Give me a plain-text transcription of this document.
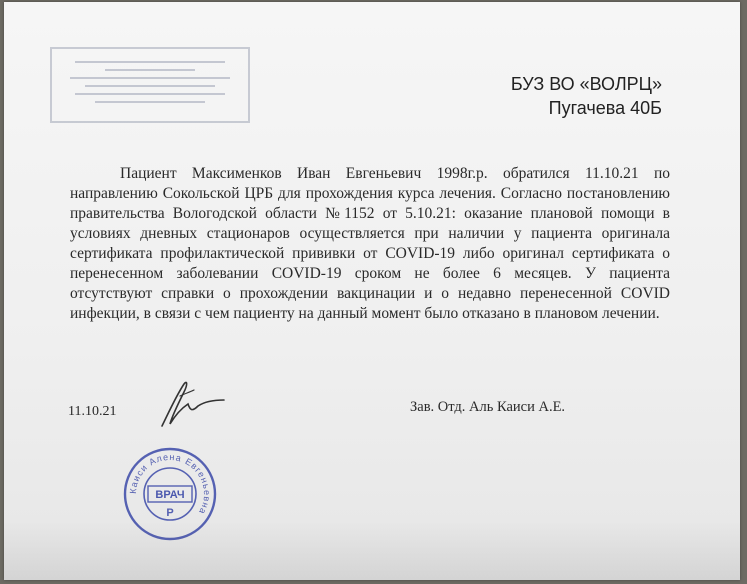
БУЗ ВО «ВОЛРЦ»
Пугачева 40Б

Пациент Максименков Иван Евгеньевич 1998г.р. обратился 11.10.21 по направлению Сокольской ЦРБ для прохождения курса лечения. Согласно постановлению правительства Вологодской области №1152 от 5.10.21: оказание плановой помощи в условиях дневных стационаров осуществляется при наличии у пациента оригинала сертификата профилактической прививки от COVID-19 либо оригинал сертификата о перенесенном заболевании COVID-19 сроком не более 6 месяцев. У пациента отсутствуют справки о прохождении вакцинации и о недавно перенесенной COVID инфекции, в связи с чем пациенту на данный момент было отказано в плановом лечении.

11.10.21	Зав. Отд. Аль Каиси А.Е.
Каиси Алена Евгеньевна
ВРАЧ
Р
